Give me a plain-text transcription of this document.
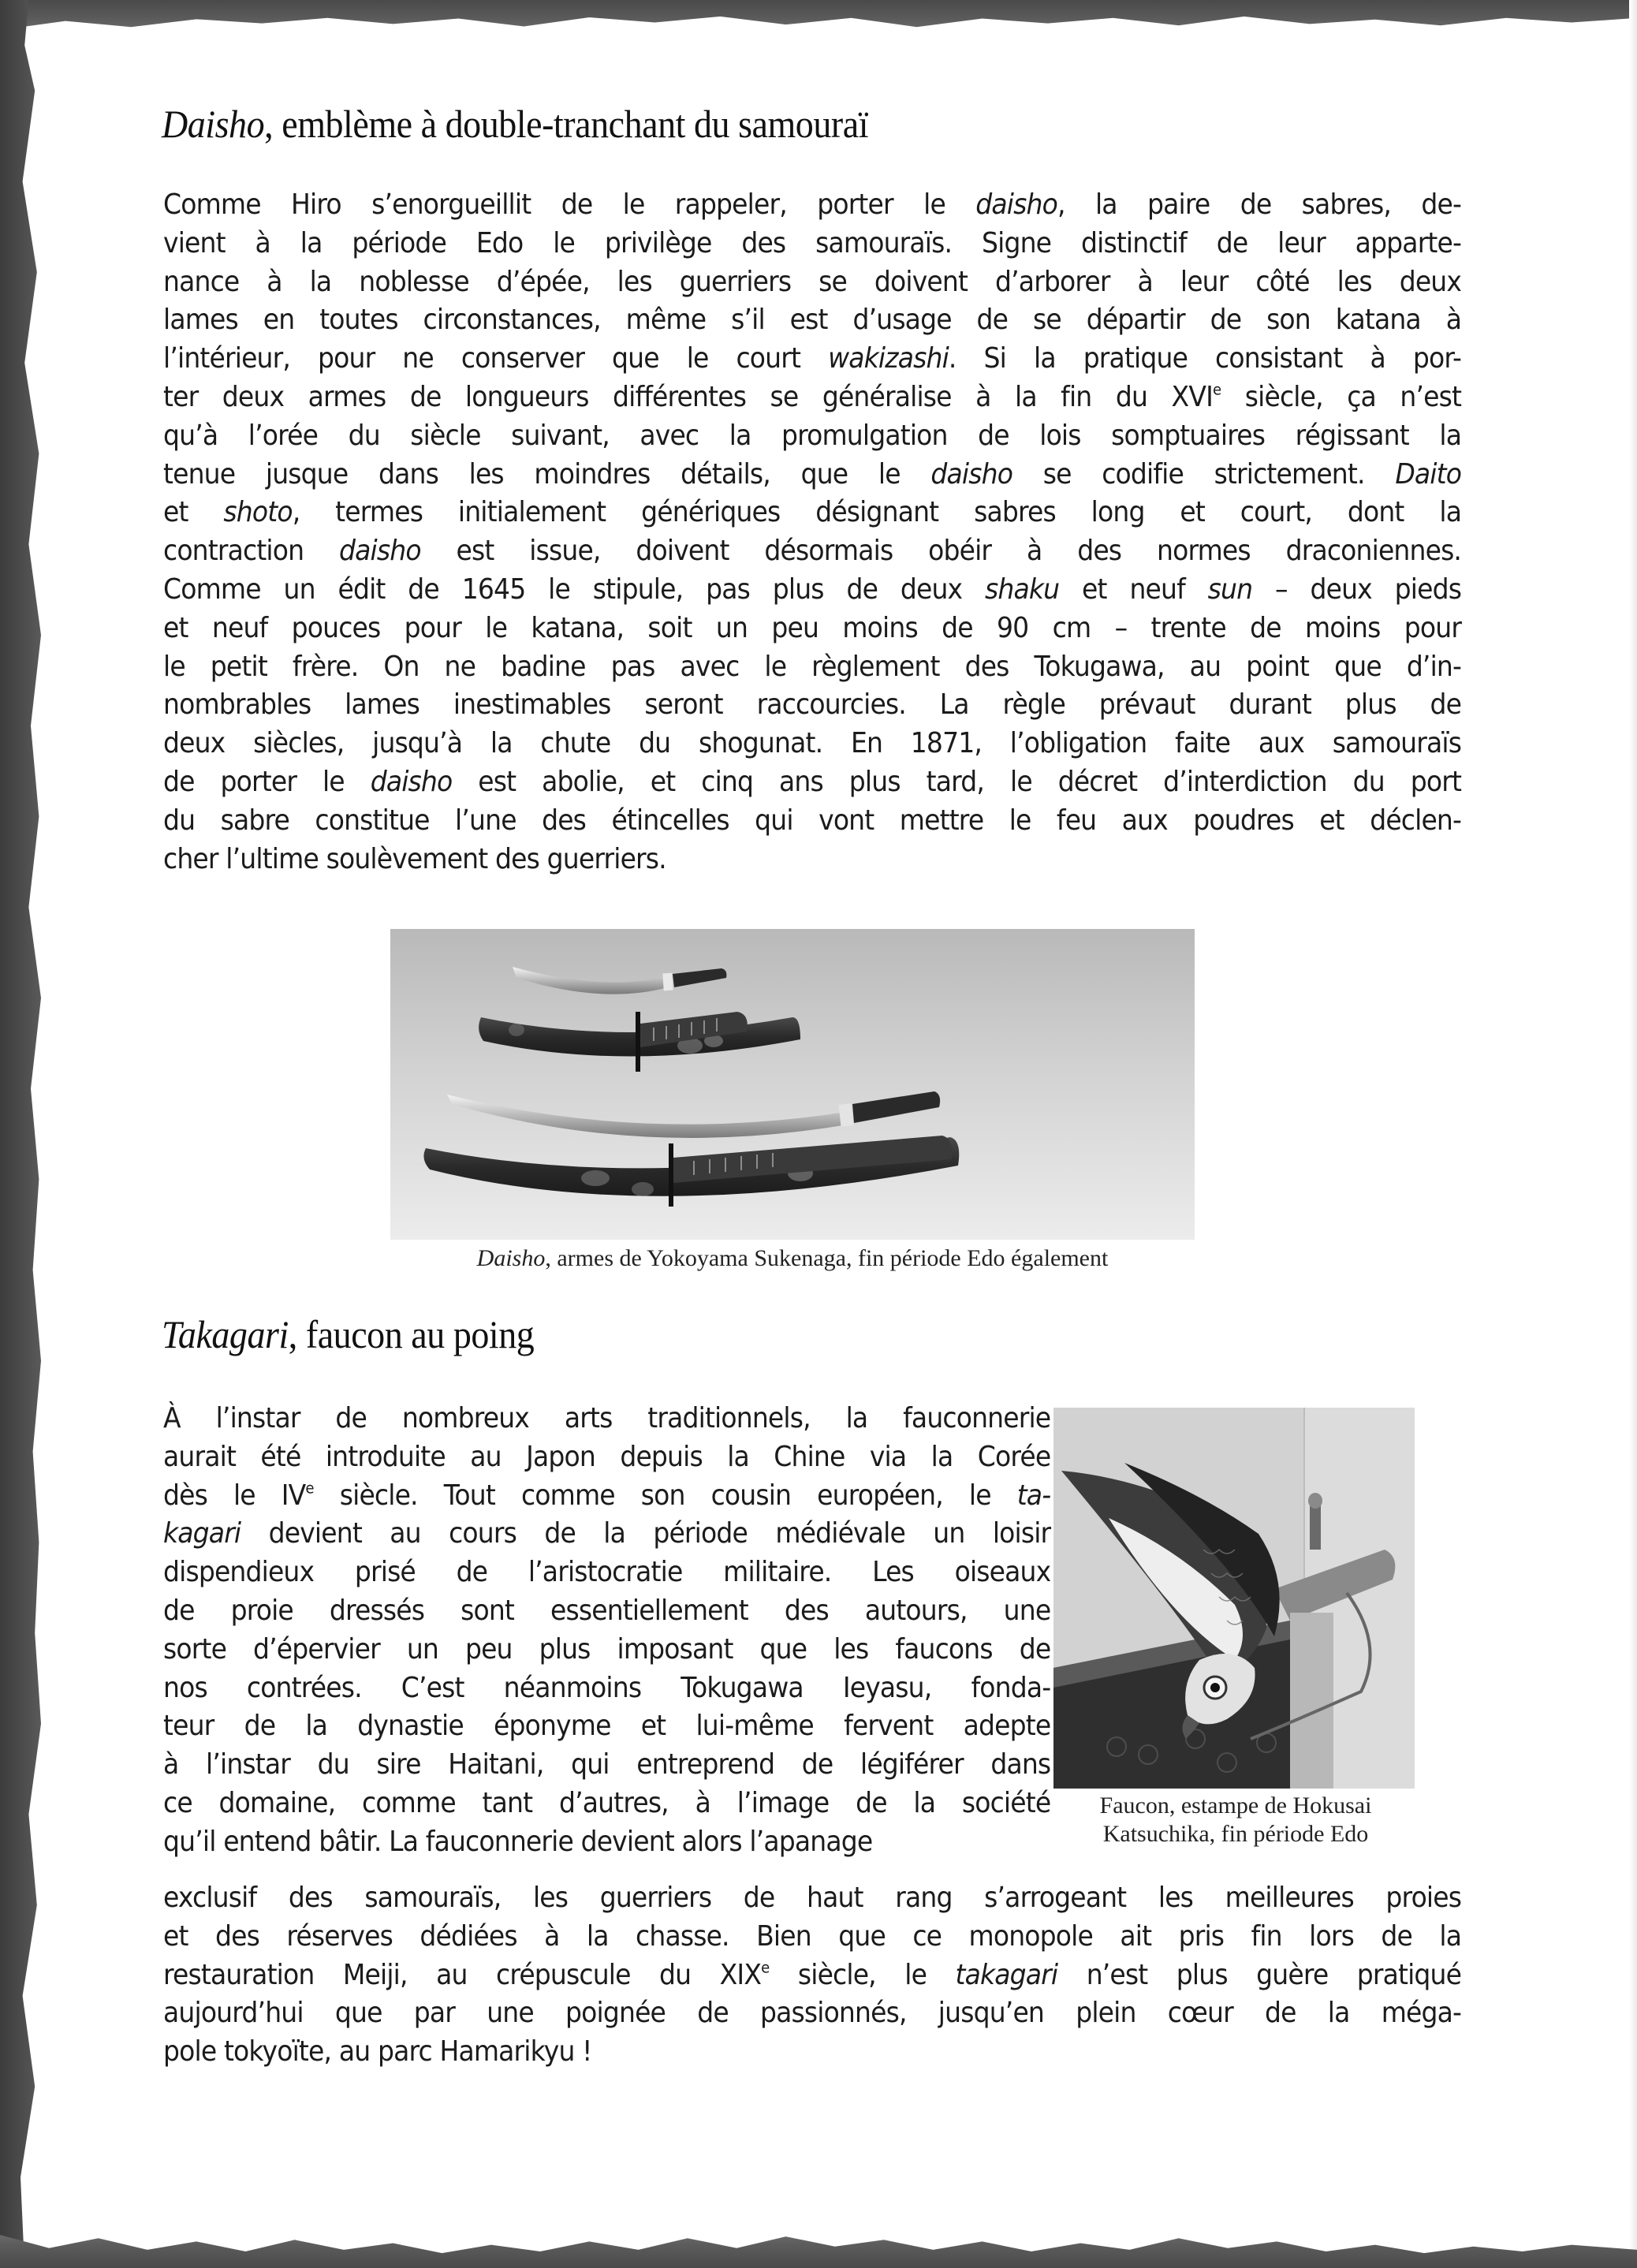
Daisho, emblème à double-tranchant du samouraï
Comme Hiro s’enorgueillit de le rappeler, porter le daisho, la paire de sabres, de-
vient à la période Edo le privilège des samouraïs. Signe distinctif de leur apparte-
nance à la noblesse d’épée, les guerriers se doivent d’arborer à leur côté les deux
lames en toutes circonstances, même s’il est d’usage de se départir de son katana à
l’intérieur, pour ne conserver que le court wakizashi. Si la pratique consistant à por-
ter deux armes de longueurs différentes se généralise à la fin du XVIe siècle, ça n’est
qu’à l’orée du siècle suivant, avec la promulgation de lois somptuaires régissant la
tenue jusque dans les moindres détails, que le daisho se codifie strictement. Daito
et shoto, termes initialement génériques désignant sabres long et court, dont la
contraction daisho est issue, doivent désormais obéir à des normes draconiennes.
Comme un édit de 1645 le stipule, pas plus de deux shaku et neuf sun – deux pieds
et neuf pouces pour le katana, soit un peu moins de 90 cm – trente de moins pour
le petit frère. On ne badine pas avec le règlement des Tokugawa, au point que d’in-
nombrables lames inestimables seront raccourcies. La règle prévaut durant plus de
deux siècles, jusqu’à la chute du shogunat. En 1871, l’obligation faite aux samouraïs
de porter le daisho est abolie, et cinq ans plus tard, le décret d’interdiction du port
du sabre constitue l’une des étincelles qui vont mettre le feu aux poudres et déclen-
cher l’ultime soulèvement des guerriers.
Daisho, armes de Yokoyama Sukenaga, fin période Edo également
Takagari, faucon au poing
À l’instar de nombreux arts traditionnels, la fauconnerie
aurait été introduite au Japon depuis la Chine via la Corée
dès le IVe siècle. Tout comme son cousin européen, le ta-
kagari devient au cours de la période médiévale un loisir
dispendieux prisé de l’aristocratie militaire. Les oiseaux
de proie dressés sont essentiellement des autours, une
sorte d’épervier un peu plus imposant que les faucons de
nos contrées. C’est néanmoins Tokugawa Ieyasu, fonda-
teur de la dynastie éponyme et lui-même fervent adepte
à l’instar du sire Haitani, qui entreprend de légiférer dans
ce domaine, comme tant d’autres, à l’image de la société
qu’il entend bâtir. La fauconnerie devient alors l’apanage
Faucon, estampe de Hokusai
Katsuchika, fin période Edo
exclusif des samouraïs, les guerriers de haut rang s’arrogeant les meilleures proies
et des réserves dédiées à la chasse. Bien que ce monopole ait pris fin lors de la
restauration Meiji, au crépuscule du XIXe siècle, le takagari n’est plus guère pratiqué
aujourd’hui que par une poignée de passionnés, jusqu’en plein cœur de la méga-
pole tokyoïte, au parc Hamarikyu !
